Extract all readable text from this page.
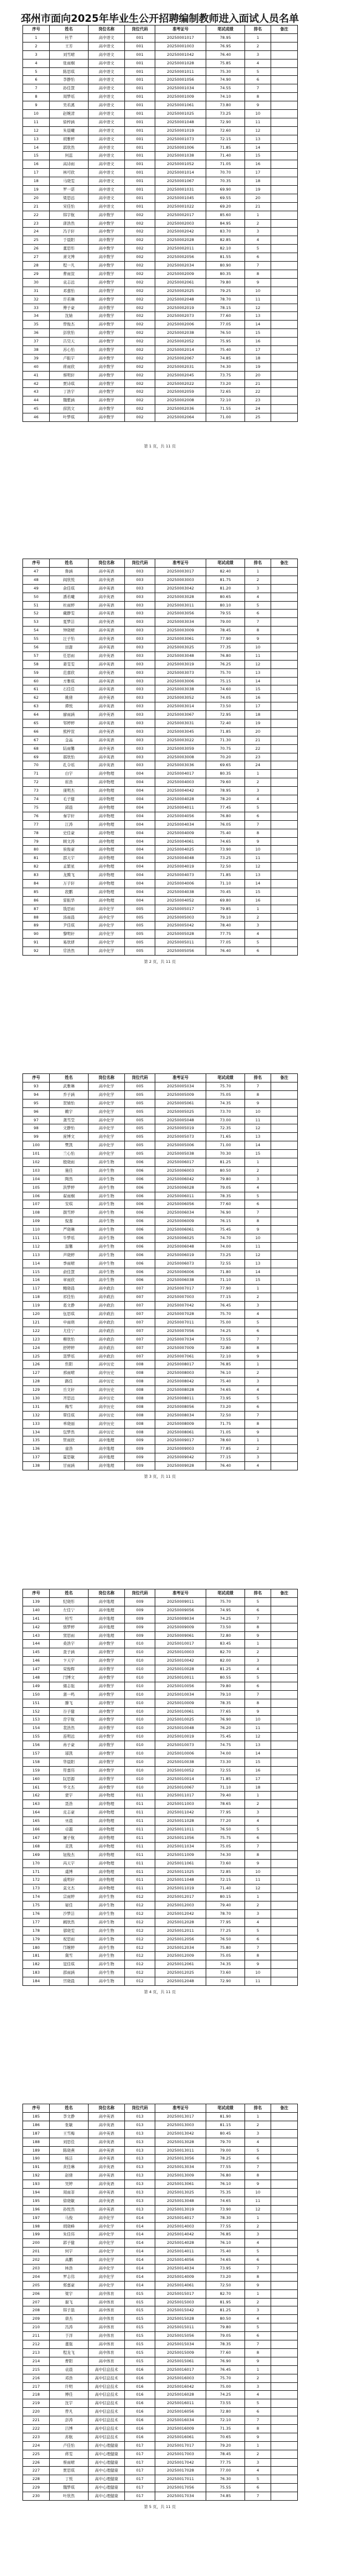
邳州市面向2025年毕业生公开招聘编制教师进入面试人员名单
序号	姓名	岗位名称	岗位代码	准考证号	笔试成绩	排名	备注
1	杜芊	高中语文	001	20250001017	78.95	1
2	王芳	高中语文	001	20250001003	76.95	2
3	刘雪晴	高中语文	001	20250001042	76.40	3
4	张雨桐	高中语文	001	20250001028	75.85	4
5	陈思琪	高中语文	001	20250001011	75.30	5
6	李静怡	高中语文	001	20250001056	74.90	6
7	孙佳慧	高中语文	001	20250001034	74.55	7
8	周梦瑶	高中语文	001	20250001009	74.10	8
9	吴若溪	高中语文	001	20250001061	73.80	9
10	赵婉清	高中语文	001	20250001025	73.25	10
11	徐梓涵	高中语文	001	20250001048	72.90	11
12	朱晨曦	高中语文	001	20250001019	72.60	12
13	胡雅婷	高中语文	001	20250001073	72.15	13
14	郭欣然	高中语文	001	20250001006	71.85	14
15	何蕊	高中语文	001	20250001038	71.40	15
16	高诗雨	高中语文	001	20250001052	71.05	16
17	林可欣	高中语文	001	20250001014	70.70	17
18	马晓雯	高中语文	001	20250001067	70.35	18
19	罗一诺	高中语文	001	20250001031	69.90	19
20	梁思远	高中语文	001	20250001045	69.55	20
21	宋佳怡	高中语文	001	20250001022	69.20	21
22	韩宇航	高中数学	002	20250002017	85.60	1
23	唐浩然	高中数学	002	20250002003	84.95	2
24	冯子轩	高中数学	002	20250002042	83.70	3
25	于晨阳	高中数学	002	20250002028	82.85	4
26	董思彤	高中数学	002	20250002011	82.10	5
27	萧文博	高中数学	002	20250002056	81.55	6
28	程一凡	高中数学	002	20250002034	80.90	7
29	曹雨萱	高中数学	002	20250002009	80.35	8
30	袁志远	高中数学	002	20250002061	79.80	9
31	邓嘉怡	高中数学	002	20250002025	79.25	10
32	许若琳	高中数学	002	20250002048	78.70	11
33	傅子豪	高中数学	002	20250002019	78.15	12
34	沈婧	高中数学	002	20250002073	77.60	13
35	曾俊杰	高中数学	002	20250002006	77.05	14
36	彭欣怡	高中数学	002	20250002038	76.50	15
37	吕昊天	高中数学	002	20250002052	75.95	16
38	苏心怡	高中数学	002	20250002014	75.40	17
39	卢振宇	高中数学	002	20250002067	74.85	18
40	蒋雨欣	高中数学	002	20250002031	74.30	19
41	蔡明轩	高中数学	002	20250002045	73.75	20
42	贾诗琪	高中数学	002	20250002022	73.20	21
43	丁浩宇	高中数学	002	20250002059	72.65	22
44	魏紫涵	高中数学	002	20250002008	72.10	23
45	薛凯文	高中数学	002	20250002036	71.55	24
46	叶梦琪	高中数学	002	20250002064	71.00	25
第 1 页，共 11 页
序号	姓名	岗位名称	岗位代码	准考证号	笔试成绩	排名	备注
47	鲁涵	高中英语	003	20250003017	82.40	1
48	阎欣悦	高中英语	003	20250003003	81.75	2
49	余佳琪	高中英语	003	20250003042	81.20	3
50	潘若曦	高中英语	003	20250003028	80.65	4
51	杜雨婷	高中英语	003	20250003011	80.10	5
52	戴静雯	高中英语	003	20250003056	79.55	6
53	夏梦洁	高中英语	003	20250003034	79.00	7
54	钟晓晴	高中英语	003	20250003009	78.45	8
55	汪子怡	高中英语	003	20250003061	77.90	9
56	田甜	高中英语	003	20250003025	77.35	10
57	任思雨	高中英语	003	20250003048	76.80	11
58	姜雯雯	高中英语	003	20250003019	76.25	12
59	范嘉欣	高中英语	003	20250003073	75.70	13
60	方雅琪	高中英语	003	20250003006	75.15	14
61	石佳佳	高中英语	003	20250003038	74.60	15
62	姚倩	高中英语	003	20250003052	74.05	16
63	谭悦	高中英语	003	20250003014	73.50	17
64	廖雨涵	高中英语	003	20250003067	72.95	18
65	邹婷婷	高中英语	003	20250003031	72.40	19
66	熊梓萱	高中英语	003	20250003045	71.85	20
67	金晶	高中英语	003	20250003022	71.30	21
68	陆雨馨	高中英语	003	20250003059	70.75	22
69	郝欣怡	高中英语	003	20250003008	70.20	23
70	孔令瑶	高中英语	003	20250003036	69.65	24
71	白宇	高中物理	004	20250004017	80.35	1
72	崔浩	高中物理	004	20250004003	79.60	2
73	康明杰	高中物理	004	20250004042	78.95	3
74	毛子健	高中物理	004	20250004028	78.20	4
75	邱晨	高中物理	004	20250004011	77.45	5
76	秦宇轩	高中物理	004	20250004056	76.80	6
77	江涛	高中物理	004	20250004034	76.05	7
78	史佳豪	高中物理	004	20250004009	75.40	8
79	顾文涛	高中物理	004	20250004061	74.65	9
80	侯俊豪	高中物理	004	20250004025	73.90	10
81	邵天宇	高中物理	004	20250004048	73.25	11
82	孟繁星	高中物理	004	20250004019	72.50	12
83	龙腾飞	高中物理	004	20250004073	71.85	13
84	万子轩	高中物理	004	20250004006	71.10	14
85	段鹏	高中物理	004	20250004038	70.45	15
86	雷振华	高中物理	004	20250004052	69.80	16
87	钱思雨	高中化学	005	20250005017	79.85	1
88	汤雨晨	高中化学	005	20250005003	79.10	2
89	尹佳琪	高中化学	005	20250005042	78.40	3
90	黎明轩	高中化学	005	20250005028	77.75	4
91	易欣妍	高中化学	005	20250005011	77.05	5
92	常浩然	高中化学	005	20250005056	76.40	6
第 2 页，共 11 页
序号	姓名	岗位名称	岗位代码	准考证号	笔试成绩	排名	备注
93	武雅琳	高中化学	005	20250005034	75.70	7
94	乔子涵	高中化学	005	20250005009	75.05	8
95	贺婧怡	高中化学	005	20250005061	74.35	9
96	赖宇	高中化学	005	20250005025	73.70	10
97	龚雪莹	高中化学	005	20250005048	73.00	11
98	文静怡	高中化学	005	20250005019	72.35	12
99	庞博文	高中化学	005	20250005073	71.65	13
100	樊凯	高中化学	005	20250005006	71.00	14
101	兰心怡	高中化学	005	20250005038	70.30	15
102	殷晓雨	高中生物	006	20250006017	81.25	1
103	施佳	高中生物	006	20250006003	80.50	2
104	陶然	高中生物	006	20250006042	79.80	3
105	洪梦婷	高中生物	006	20250006028	79.05	4
106	翟雨桐	高中生物	006	20250006011	78.35	5
107	安琪	高中生物	006	20250006056	77.60	6
108	颜雪婷	高中生物	006	20250006034	76.90	7
109	倪嘉	高中生物	006	20250006009	76.15	8
110	严晓琳	高中生物	006	20250006061	75.45	9
111	牛梦瑶	高中生物	006	20250006025	74.70	10
112	温馨	高中生物	006	20250006048	74.00	11
113	芦晓婷	高中生物	006	20250006019	73.25	12
114	季雨晴	高中生物	006	20250006073	72.55	13
115	俞佳慧	高中生物	006	20250006006	71.80	14
116	章雨欣	高中生物	006	20250006038	71.10	15
117	鲍晓晨	高中政治	007	20250007017	77.90	1
118	祁佳怡	高中政治	007	20250007003	77.15	2
119	葛文静	高中政治	007	20250007042	76.45	3
120	伍思琪	高中政治	007	20250007028	75.70	4
121	申雨萌	高中政治	007	20250007011	75.00	5
122	尤佳宁	高中政治	007	20250007056	74.25	6
123	柳欣怡	高中政治	007	20250007034	73.55	7
124	舒婷婷	高中政治	007	20250007009	72.80	8
125	聂梦瑶	高中政治	007	20250007061	72.10	9
126	焦阳	高中历史	008	20250008017	76.85	1
127	邢雨晴	高中历史	008	20250008003	76.10	2
128	路佳	高中历史	008	20250008042	75.40	3
129	岳文轩	高中历史	008	20250008028	74.65	4
130	齐思远	高中历史	008	20250008011	73.95	5
131	梅雪	高中历史	008	20250008056	73.20	6
132	覃佳琪	高中历史	008	20250008034	72.50	7
133	单晓丽	高中历史	008	20250008009	71.75	8
134	包梦然	高中历史	008	20250008061	71.05	9
135	管雨欣	高中地理	009	20250009017	78.60	1
136	童浩	高中地理	009	20250009003	77.85	2
137	霍思敏	高中地理	009	20250009042	77.15	3
138	甘雨涵	高中地理	009	20250009028	76.40	4
第 3 页，共 11 页
序号	姓名	岗位名称	岗位代码	准考证号	笔试成绩	排名	备注
139	纪晓彤	高中地理	009	20250009011	75.70	5
140	左佳宁	高中地理	009	20250009056	74.95	6
141	柏雪	高中地理	009	20250009034	74.25	7
142	骆梦婷	高中地理	009	20250009009	73.50	8
143	窦思雨	高中地理	009	20250009061	72.80	9
144	桑浩宇	高中数学	010	20250010017	83.45	1
145	查子涵	高中数学	010	20250010003	82.70	2
146	卞天宇	高中数学	010	20250010042	82.00	3
147	荣俊辉	高中数学	010	20250010028	81.25	4
148	闫博文	高中数学	010	20250010011	80.55	5
149	储志强	高中数学	010	20250010056	79.80	6
150	蒲一鸣	高中数学	010	20250010034	79.10	7
151	滕飞	高中数学	010	20250010009	78.35	8
152	谷子健	高中数学	010	20250010061	77.65	9
153	房宇航	高中数学	010	20250010025	76.90	10
154	裴浩然	高中数学	010	20250010048	76.20	11
155	连明远	高中数学	010	20250010019	75.45	12
156	冉子豪	高中数学	010	20250010073	74.75	13
157	邬凯	高中数学	010	20250010006	74.00	14
158	华晨阳	高中数学	010	20250010038	73.30	15
159	符嘉伟	高中数学	010	20250010052	72.55	16
160	阮思源	高中数学	010	20250010014	71.85	17
161	毕文杰	高中数学	010	20250010067	71.10	18
162	蒙宇	高中物理	011	20250011017	79.40	1
163	聂浩	高中物理	011	20250011003	78.65	2
164	皮志豪	高中物理	011	20250011042	77.95	3
165	巫晨	高中物理	011	20250011028	77.20	4
166	卓越	高中物理	011	20250011011	76.50	5
167	屠子航	高中物理	011	20250011056	75.75	6
168	麦凯	高中物理	011	20250011034	75.05	7
169	钮俊杰	高中物理	011	20250011009	74.30	8
170	芮天宇	高中物理	011	20250011061	73.60	9
171	虞博	高中物理	011	20250011025	72.85	10
172	戚明轩	高中物理	011	20250011048	72.15	11
173	莫文杰	高中物理	011	20250011019	71.40	12
174	宗雨婷	高中生物	012	20250012017	80.15	1
175	晏佳	高中生物	012	20250012003	79.40	2
176	沙梦洁	高中生物	012	20250012042	78.70	3
177	阚欣然	高中生物	012	20250012028	77.95	4
178	郁晓雯	高中生物	012	20250012011	77.25	5
179	祝思雨	高中生物	012	20250012056	76.50	6
180	邝婉婷	高中生物	012	20250012034	75.80	7
181	冀雪	高中生物	012	20250012009	75.05	8
182	寇佳琪	高中生物	012	20250012061	74.35	9
183	邵雨涵	高中生物	012	20250012025	73.60	10
184	宫晓晨	高中生物	012	20250012048	72.90	11
第 4 页，共 11 页
序号	姓名	岗位名称	岗位代码	准考证号	笔试成绩	排名	备注
185	李文静	高中英语	013	20250013017	81.90	1
186	张敏	高中英语	013	20250013003	81.15	2
187	王雪梅	高中英语	013	20250013042	80.45	3
188	刘思佳	高中英语	013	20250013028	79.70	4
189	陈晓燕	高中英语	013	20250013011	79.00	5
190	杨洁	高中英语	013	20250013056	78.25	6
191	黄佳琳	高中英语	013	20250013034	77.55	7
192	赵倩	高中英语	013	20250013009	76.80	8
193	吴婷	高中英语	013	20250013061	76.10	9
194	周雨菲	高中英语	013	20250013025	75.35	10
195	徐晓敏	高中英语	013	20250013048	74.65	11
196	孙悦然	高中英语	013	20250013019	73.90	12
197	马俊	高中化学	014	20250014017	78.30	1
198	胡晓峰	高中化学	014	20250014003	77.55	2
199	朱佳伟	高中化学	014	20250014042	76.85	3
200	郭子健	高中化学	014	20250014028	76.10	4
201	何宇	高中化学	014	20250014011	75.40	5
202	高鹏	高中化学	014	20250014056	74.65	6
203	林浩	高中化学	014	20250014034	73.95	7
204	罗志伟	高中化学	014	20250014009	73.20	8
205	郑嘉豪	高中化学	014	20250014061	72.50	9
206	梁宇	高中体育	015	20250015017	82.70	1
207	谢飞	高中体育	015	20250015003	81.95	2
208	韩子磊	高中体育	015	20250015042	81.25	3
209	唐杰	高中体育	015	20250015028	80.50	4
210	冯涛	高中体育	015	20250015011	79.80	5
211	于洋	高中体育	015	20250015056	79.05	6
212	董强	高中体育	015	20250015034	78.35	7
213	程龙飞	高中体育	015	20250015009	77.60	8
214	曹阳	高中体育	015	20250015061	76.90	9
215	袁晨	高中信息技术	016	20250016017	76.45	1
216	邓浩	高中信息技术	016	20250016003	75.70	2
217	许明	高中信息技术	016	20250016042	75.00	3
218	傅佳	高中信息技术	016	20250016028	74.25	4
219	沈宇	高中信息技术	016	20250016011	73.55	5
220	曾凡	高中信息技术	016	20250016056	72.80	6
221	彭涛	高中信息技术	016	20250016034	72.10	7
222	吕博	高中信息技术	016	20250016009	71.35	8
223	苏航	高中信息技术	016	20250016061	70.65	9
224	卢佳怡	高中心理健康	017	20250017017	79.20	1
225	蒋雯	高中心理健康	017	20250017003	78.45	2
226	蔡雨晴	高中心理健康	017	20250017042	77.75	3
227	贾思琪	高中心理健康	017	20250017028	77.00	4
228	丁悦	高中心理健康	017	20250017011	76.30	5
229	魏梦琪	高中心理健康	017	20250017056	75.55	6
230	叶欣然	高中心理健康	017	20250017034	74.85	7
第 5 页，共 11 页
